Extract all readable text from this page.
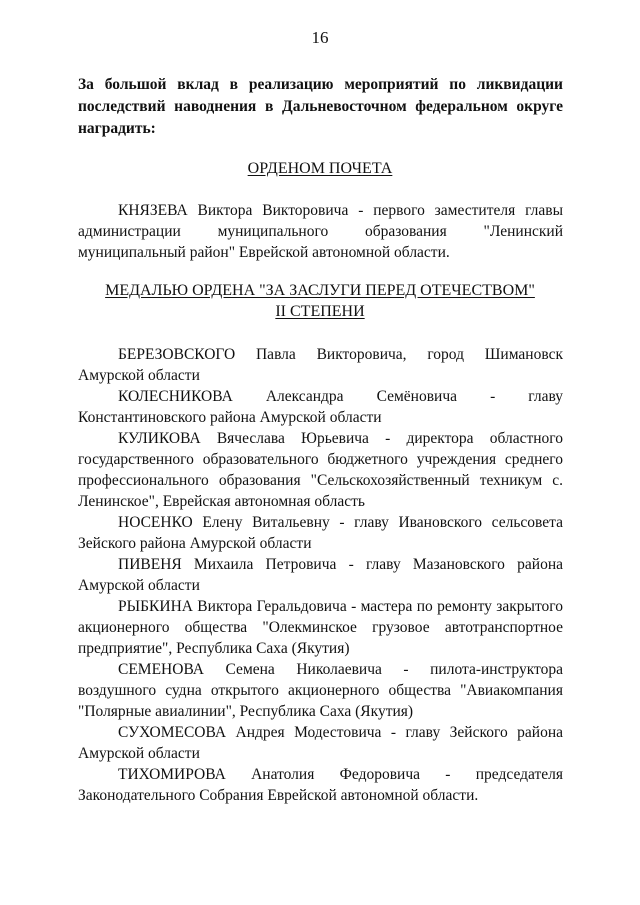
16

За большой вклад в реализацию мероприятий по ликвидации последствий наводнения в Дальневосточном федеральном округе наградить:

ОРДЕНОМ ПОЧЕТА

КНЯЗЕВА Виктора Викторовича - первого заместителя главы администрации муниципального образования "Ленинский муниципальный район" Еврейской автономной области.

МЕДАЛЬЮ ОРДЕНА "ЗА ЗАСЛУГИ ПЕРЕД ОТЕЧЕСТВОМ"
II СТЕПЕНИ

БЕРЕЗОВСКОГО Павла Викторовича, город Шимановск Амурской области

КОЛЕСНИКОВА Александра Семёновича - главу Константиновского района Амурской области

КУЛИКОВА Вячеслава Юрьевича - директора областного государственного образовательного бюджетного учреждения среднего профессионального образования "Сельскохозяйственный техникум с. Ленинское", Еврейская автономная область

НОСЕНКО Елену Витальевну - главу Ивановского сельсовета Зейского района Амурской области

ПИВЕНЯ Михаила Петровича - главу Мазановского района Амурской области

РЫБКИНА Виктора Геральдовича - мастера по ремонту закрытого акционерного общества "Олекминское грузовое автотранспортное предприятие", Республика Саха (Якутия)

СЕМЕНОВА Семена Николаевича - пилота-инструктора воздушного судна открытого акционерного общества "Авиакомпания "Полярные авиалинии", Республика Саха (Якутия)

СУХОМЕСОВА Андрея Модестовича - главу Зейского района Амурской области

ТИХОМИРОВА Анатолия Федоровича - председателя Законодательного Собрания Еврейской автономной области.
